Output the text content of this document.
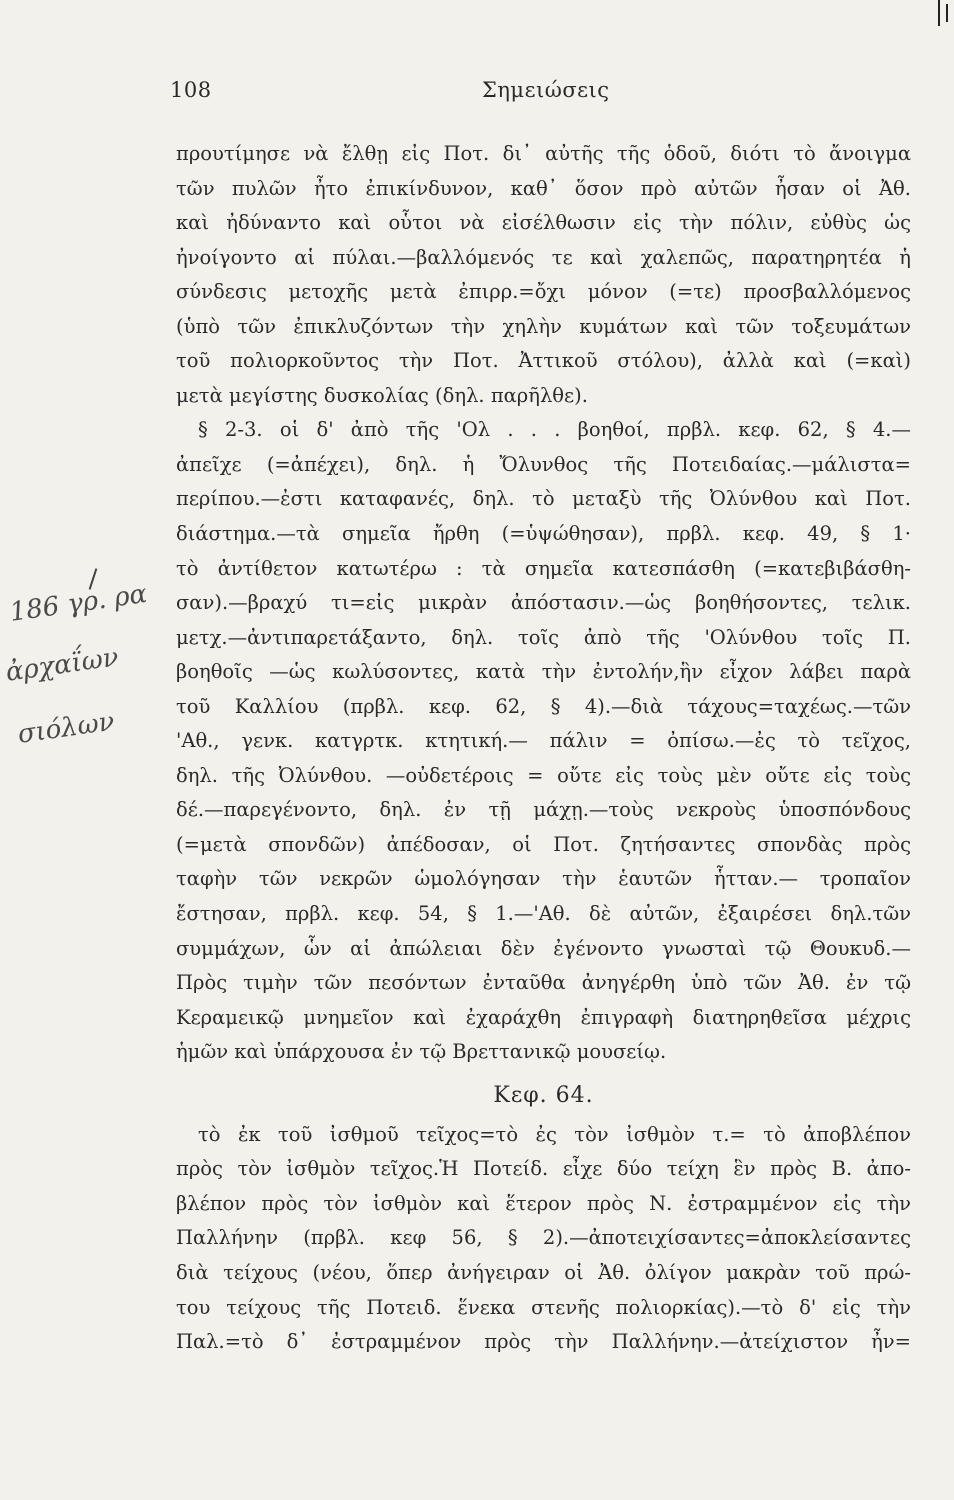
108	Σημειώσεις
186 γρ. ρα
ἀρχαΐων
σιόλων
προυτίμησε νὰ ἔλθῃ εἰς Ποτ. δι᾽ αὐτῆς τῆς ὁδοῦ, διότι τὸ ἄνοιγμα
τῶν πυλῶν ἦτο ἐπικίνδυνον, καθ᾽ ὅσον πρὸ αὐτῶν ἦσαν οἱ Ἀθ.
καὶ ἠδύναντο καὶ οὗτοι νὰ εἰσέλθωσιν εἰς τὴν πόλιν, εὐθὺς ὡς
ἠνοίγοντο αἱ πύλαι.—βαλλόμενός τε καὶ χαλεπῶς, παρατηρητέα ἡ
σύνδεσις μετοχῆς μετὰ ἐπιρρ.=ὄχι μόνον (=τε) προσβαλλόμενος
(ὑπὸ τῶν ἐπικλυζόντων τὴν χηλὴν κυμάτων καὶ τῶν τοξευμάτων
τοῦ πολιορκοῦντος τὴν Ποτ. Ἀττικοῦ στόλου), ἀλλὰ καὶ (=καὶ)
μετὰ μεγίστης δυσκολίας (δηλ. παρῆλθε).
§ 2-3. οἱ δ' ἀπὸ τῆς 'Ολ . . . βοηθοί, πρβλ. κεφ. 62, § 4.—
ἀπεῖχε (=ἀπέχει), δηλ. ἡ Ὄλυνθος τῆς Ποτειδαίας.—μάλιστα=
περίπου.—ἐστι καταφανές, δηλ. τὸ μεταξὺ τῆς Ὀλύνθου καὶ Ποτ.
διάστημα.—τὰ σημεῖα ἤρθη (=ὑψώθησαν), πρβλ. κεφ. 49, § 1·
τὸ ἀντίθετον κατωτέρω : τὰ σημεῖα κατεσπάσθη (=κατεβιβάσθη-
σαν).—βραχύ τι=εἰς μικρὰν ἀπόστασιν.—ὡς βοηθήσοντες, τελικ.
μετχ.—ἀντιπαρετάξαντο, δηλ. τοῖς ἀπὸ τῆς 'Ολύνθου τοῖς Π.
βοηθοῖς —ὡς κωλύσοντες, κατὰ τὴν ἐντολήν,ἣν εἶχον λάβει παρὰ
τοῦ Καλλίου (πρβλ. κεφ. 62, § 4).—διὰ τάχους=ταχέως.—τῶν
'Αθ., γενκ. κατγρτκ. κτητική.— πάλιν = ὀπίσω.—ἐς τὸ τεῖχος,
δηλ. τῆς Ὀλύνθου. —οὐδετέροις = οὔτε εἰς τοὺς μὲν οὔτε εἰς τοὺς
δέ.—παρεγένοντο, δηλ. ἐν τῇ μάχῃ.—τοὺς νεκροὺς ὑποσπόνδους
(=μετὰ σπονδῶν) ἀπέδοσαν, οἱ Ποτ. ζητήσαντες σπονδὰς πρὸς
ταφὴν τῶν νεκρῶν ὡμολόγησαν τὴν ἑαυτῶν ἧτταν.— τροπαῖον
ἔστησαν, πρβλ. κεφ. 54, § 1.—'Αθ. δὲ αὐτῶν, ἐξαιρέσει δηλ.τῶν
συμμάχων, ὧν αἱ ἀπώλειαι δὲν ἐγένοντο γνωσταὶ τῷ Θουκυδ.—
Πρὸς τιμὴν τῶν πεσόντων ἐνταῦθα ἀνηγέρθη ὑπὸ τῶν Ἀθ. ἐν τῷ
Κεραμεικῷ μνημεῖον καὶ ἐχαράχθη ἐπιγραφὴ διατηρηθεῖσα μέχρις
ἡμῶν καὶ ὑπάρχουσα ἐν τῷ Βρεττανικῷ μουσείῳ.
Κεφ. 64.
τὸ ἐκ τοῦ ἰσθμοῦ τεῖχος=τὸ ἐς τὸν ἰσθμὸν τ.= τὸ ἀποβλέπον
πρὸς τὸν ἰσθμὸν τεῖχος.Ἡ Ποτείδ. εἶχε δύο τείχη ἓν πρὸς Β. ἀπο-
βλέπον πρὸς τὸν ἰσθμὸν καὶ ἕτερον πρὸς Ν. ἐστραμμένον εἰς τὴν
Παλλήνην (πρβλ. κεφ 56, § 2).—ἀποτειχίσαντες=ἀποκλείσαντες
διὰ τείχους (νέου, ὅπερ ἀνήγειραν οἱ Ἀθ. ὀλίγον μακρὰν τοῦ πρώ-
του τείχους τῆς Ποτειδ. ἕνεκα στενῆς πολιορκίας).—τὸ δ' εἰς τὴν
Παλ.=τὸ δ᾽ ἐστραμμένον πρὸς τὴν Παλλήνην.—ἀτείχιστον ἦν=
